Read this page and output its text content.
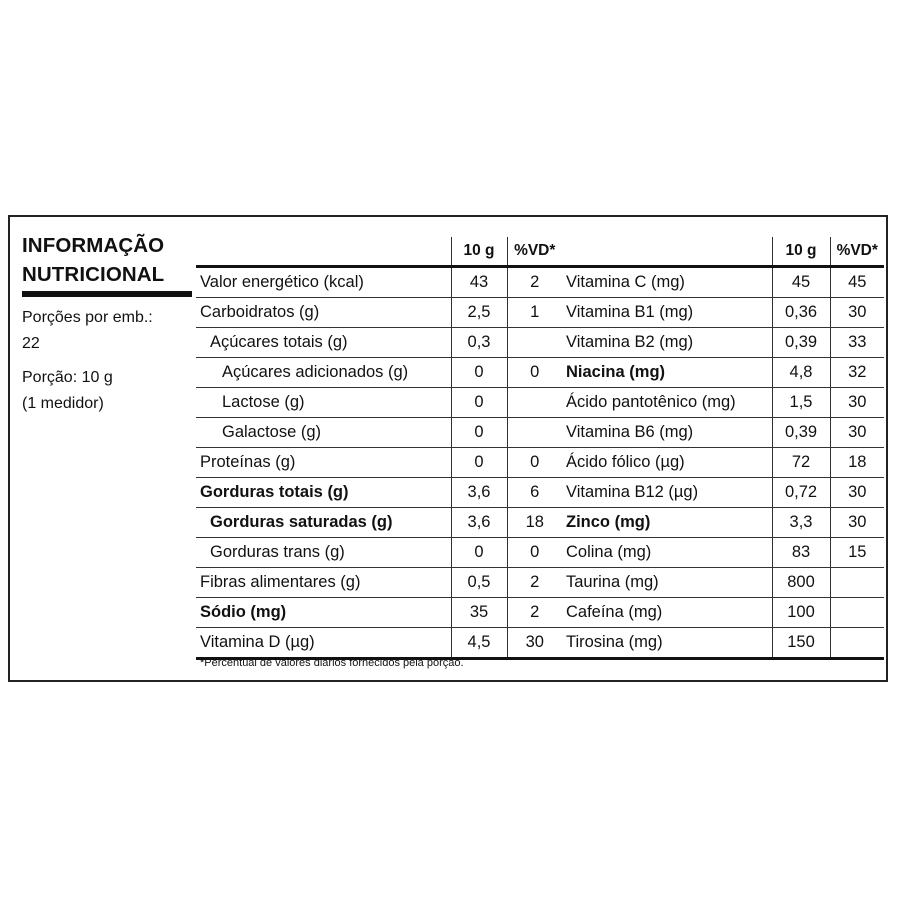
INFORMAÇÃO
NUTRICIONAL
Porções por emb.:
22
Porção: 10 g
(1 medidor)
	10 g	%VD*
Valor energético (kcal)	43	2
Carboidratos (g)	2,5	1
Açúcares totais (g)	0,3	
Açúcares adicionados (g)	0	0
Lactose (g)	0	
Galactose (g)	0	
Proteínas (g)	0	0
Gorduras totais (g)	3,6	6
Gorduras saturadas (g)	3,6	18
Gorduras trans (g)	0	0
Fibras alimentares (g)	0,5	2
Sódio (mg)	35	2
Vitamina D (µg)	4,5	30
	10 g	%VD*
Vitamina C (mg)	45	45
Vitamina B1 (mg)	0,36	30
Vitamina B2 (mg)	0,39	33
Niacina (mg)	4,8	32
Ácido pantotênico (mg)	1,5	30
Vitamina B6 (mg)	0,39	30
Ácido fólico (µg)	72	18
Vitamina B12 (µg)	0,72	30
Zinco (mg)	3,3	30
Colina (mg)	83	15
Taurina (mg)	800	
Cafeína (mg)	100	
Tirosina (mg)	150	
*Percentual de valores diários fornecidos pela porção.
